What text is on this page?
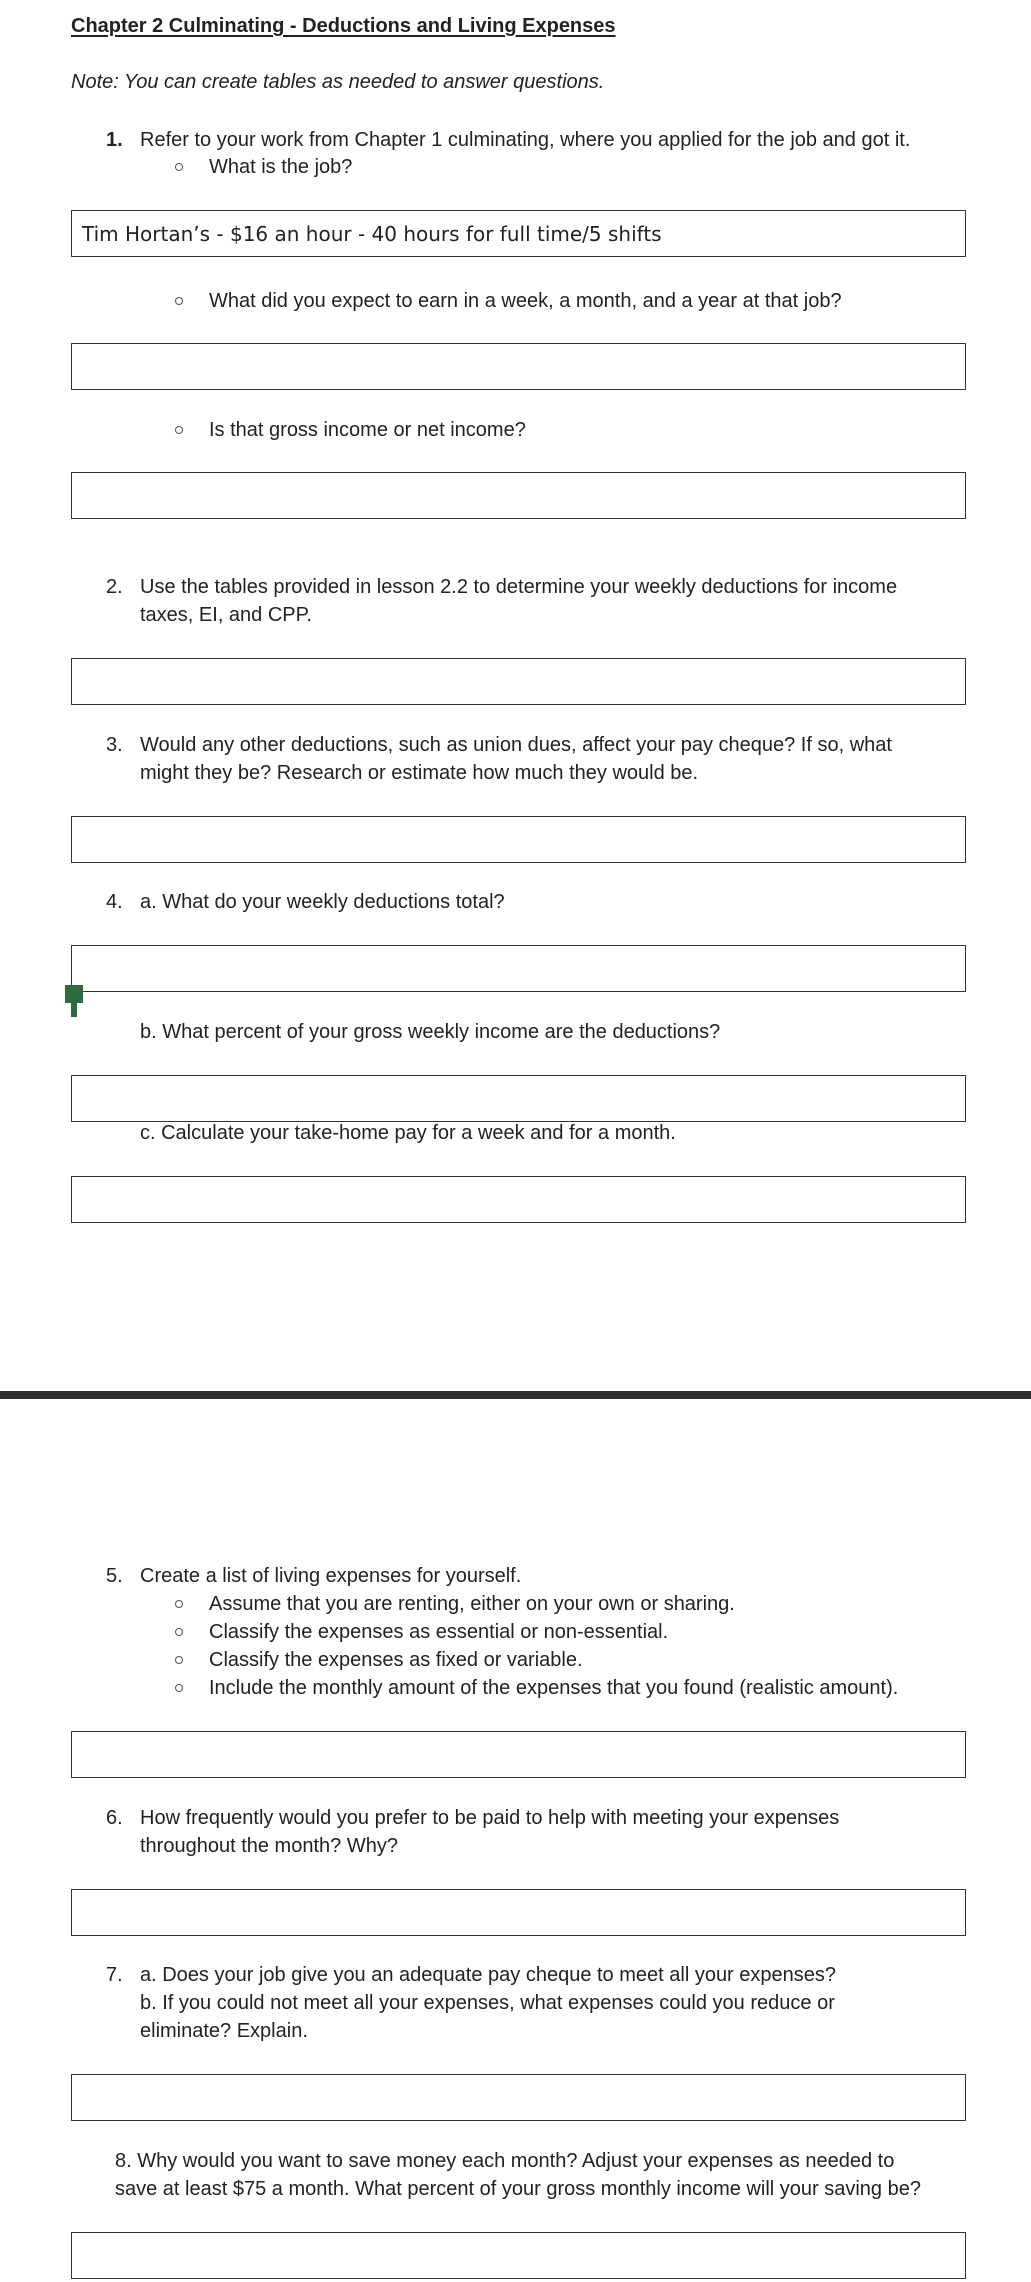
Chapter 2 Culminating - Deductions and Living Expenses
Note: You can create tables as needed to answer questions.
1. Refer to your work from Chapter 1 culminating, where you applied for the job and got it.
What is the job?
Tim Hortan’s - $16 an hour - 40 hours for full time/5 shifts
What did you expect to earn in a week, a month, and a year at that job?
Is that gross income or net income?
2. Use the tables provided in lesson 2.2 to determine your weekly deductions for income
taxes, EI, and CPP.
3. Would any other deductions, such as union dues, affect your pay cheque? If so, what
might they be? Research or estimate how much they would be.
4. a. What do your weekly deductions total?
b. What percent of your gross weekly income are the deductions?
c. Calculate your take-home pay for a week and for a month.
5. Create a list of living expenses for yourself.
Assume that you are renting, either on your own or sharing.
Classify the expenses as essential or non-essential.
Classify the expenses as fixed or variable.
Include the monthly amount of the expenses that you found (realistic amount).
6. How frequently would you prefer to be paid to help with meeting your expenses
throughout the month? Why?
7. a. Does your job give you an adequate pay cheque to meet all your expenses?
b. If you could not meet all your expenses, what expenses could you reduce or
eliminate? Explain.
8. Why would you want to save money each month? Adjust your expenses as needed to
save at least $75 a month. What percent of your gross monthly income will your saving be?
